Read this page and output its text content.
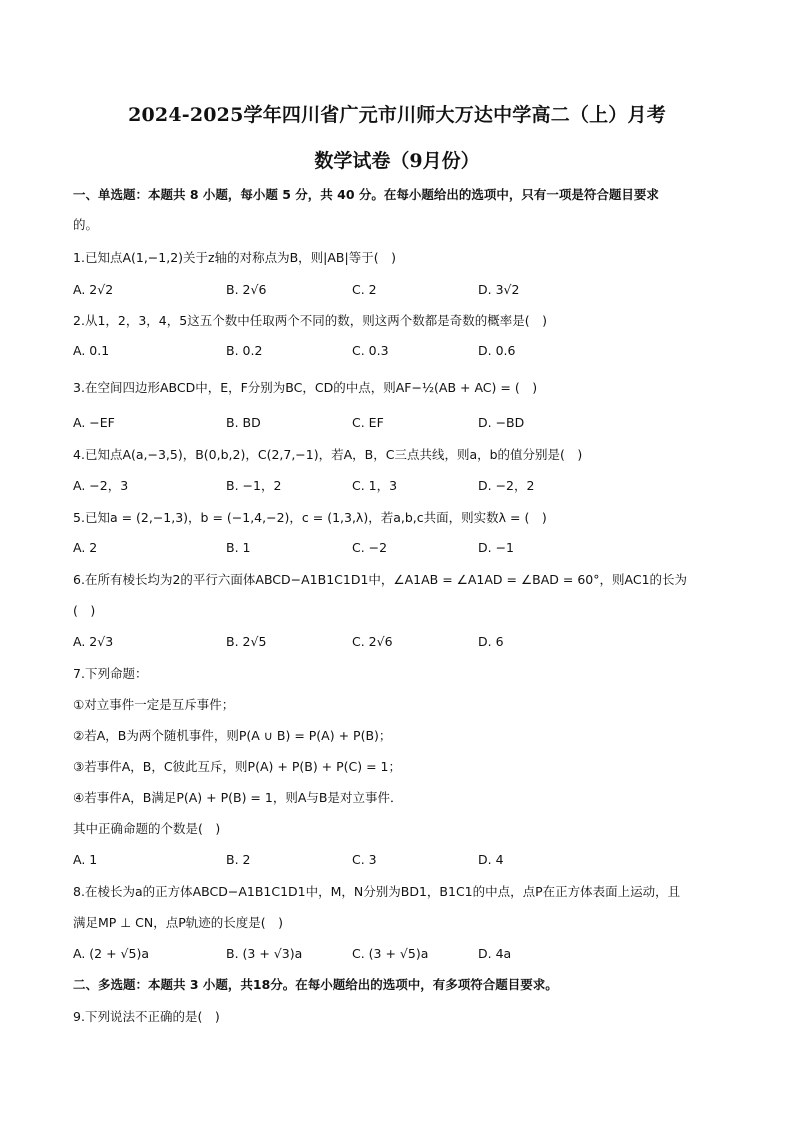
2024-2025学年四川省广元市川师大万达中学高二（上）月考
数学试卷（9月份）
一、单选题：本题共 8 小题，每小题 5 分，共 40 分。在每小题给出的选项中，只有一项是符合题目要求
的。
1.已知点A(1,−1,2)关于z轴的对称点为B，则|AB|等于(　)
A. 2√2	B. 2√6	C. 2	D. 3√2
2.从1，2，3，4，5这五个数中任取两个不同的数，则这两个数都是奇数的概率是(　)
A. 0.1	B. 0.2	C. 0.3	D. 0.6
3.在空间四边形ABCD中，E，F分别为BC，CD的中点，则AF−½(AB + AC) = (　)
A. −EF	B. BD	C. EF	D. −BD
4.已知点A(a,−3,5)，B(0,b,2)，C(2,7,−1)，若A，B，C三点共线，则a，b的值分别是(　)
A. −2，3	B. −1，2	C. 1，3	D. −2，2
5.已知a = (2,−1,3)，b = (−1,4,−2)，c = (1,3,λ)，若a,b,c共面，则实数λ = (　)
A. 2	B. 1	C. −2	D. −1
6.在所有棱长均为2的平行六面体ABCD−A1B1C1D1中，∠A1AB = ∠A1AD = ∠BAD = 60°，则AC1的长为
(　)
A. 2√3	B. 2√5	C. 2√6	D. 6
7.下列命题：
①对立事件一定是互斥事件；
②若A，B为两个随机事件，则P(A ∪ B) = P(A) + P(B)；
③若事件A，B，C彼此互斥，则P(A) + P(B) + P(C) = 1；
④若事件A，B满足P(A) + P(B) = 1，则A与B是对立事件．
其中正确命题的个数是(　)
A. 1	B. 2	C. 3	D. 4
8.在棱长为a的正方体ABCD−A1B1C1D1中，M，N分别为BD1，B1C1的中点，点P在正方体表面上运动，且
满足MP ⊥ CN，点P轨迹的长度是(　)
A. (2 + √5)a	B. (3 + √3)a	C. (3 + √5)a	D. 4a
二、多选题：本题共 3 小题，共18分。在每小题给出的选项中，有多项符合题目要求。
9.下列说法不正确的是(　)
